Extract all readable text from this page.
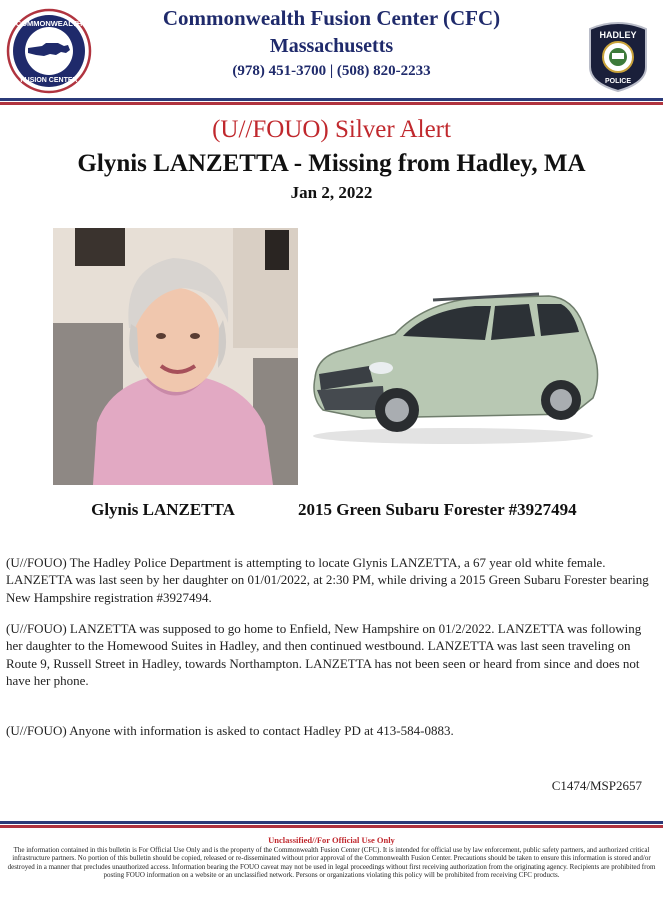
COMMONWEALTH
FUSION CENTER
Commonwealth Fusion Center (CFC)
Massachusetts
(978) 451-3700 | (508) 820-2233
HADLEY
POLICE
(U//FOUO) Silver Alert
Glynis LANZETTA - Missing from Hadley, MA
Jan 2, 2022
Glynis LANZETTA	2015 Green Subaru Forester #3927494
(U//FOUO) The Hadley Police Department is attempting to locate Glynis LANZETTA, a 67 year old white female. LANZETTA was last seen by her daughter on 01/01/2022, at 2:30 PM, while driving a 2015 Green Subaru Forester bearing New Hampshire registration #3927494.
(U//FOUO) LANZETTA was supposed to go home to Enfield, New Hampshire on 01/2/2022. LANZETTA was following her daughter to the Homewood Suites in Hadley, and then continued westbound. LANZETTA was last seen traveling on Route 9, Russell Street in Hadley, towards Northampton. LANZETTA has not been seen or heard from since and does not have her phone.
(U//FOUO) Anyone with information is asked to contact Hadley PD at 413-584-0883.
C1474/MSP2657
Unclassified//For Official Use Only
The information contained in this bulletin is For Official Use Only and is the property of the Commonwealth Fusion Center (CFC). It is intended for official use by law enforcement, public safety partners, and authorized critical infrastructure partners. No portion of this bulletin should be copied, released or re-disseminated without prior approval of the Commonwealth Fusion Center. Precautions should be taken to ensure this information is stored and/or destroyed in a manner that precludes unauthorized access. Information bearing the FOUO caveat may not be used in legal proceedings without first receiving authorization from the originating agency. Recipients are prohibited from posting FOUO information on a website or an unclassified network. Persons or organizations violating this policy will be prohibited from receiving CFC products.
